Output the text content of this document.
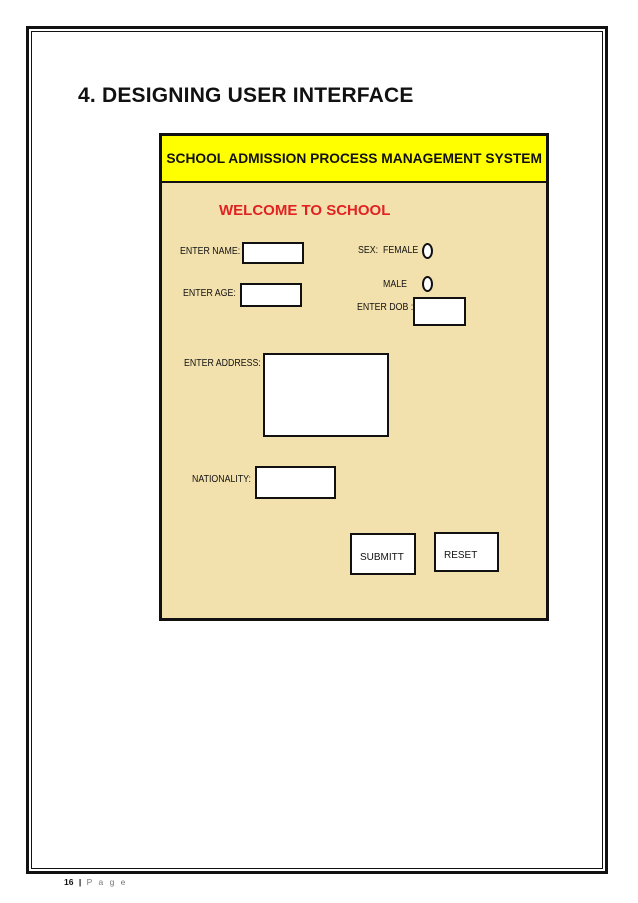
4. DESIGNING USER INTERFACE
SCHOOL ADMISSION PROCESS MANAGEMENT SYSTEM
WELCOME TO SCHOOL
ENTER NAME:
ENTER AGE:
SEX: FEMALE
MALE
ENTER DOB :
ENTER ADDRESS:
NATIONALITY:
SUBMITT	RESET
16 | P a g e
